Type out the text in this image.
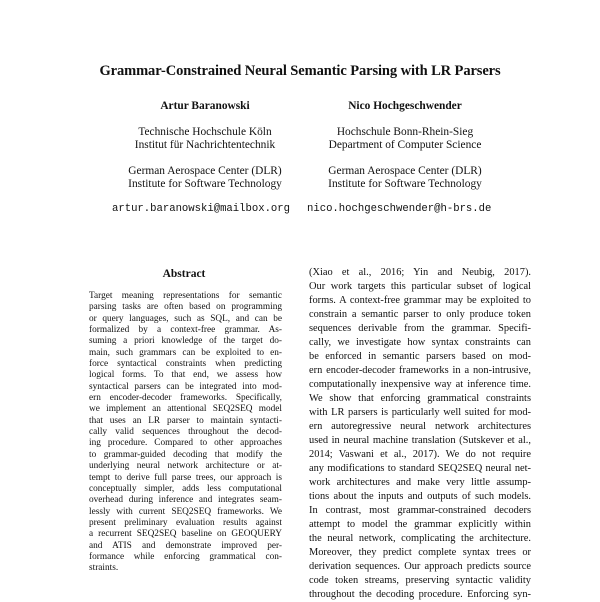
Grammar-Constrained Neural Semantic Parsing with LR Parsers
Artur Baranowski
Technische Hochschule Köln
Institut für Nachrichtentechnik
German Aerospace Center (DLR)
Institute for Software Technology
Nico Hochgeschwender
Hochschule Bonn-Rhein-Sieg
Department of Computer Science
German Aerospace Center (DLR)
Institute for Software Technology
artur.baranowski@mailbox.org nico.hochgeschwender@h-brs.de
Abstract
Target meaning representations for semantic
parsing tasks are often based on programming
or query languages, such as SQL, and can be
formalized by a context-free grammar. As-
suming a priori knowledge of the target do-
main, such grammars can be exploited to en-
force syntactical constraints when predicting
logical forms. To that end, we assess how
syntactical parsers can be integrated into mod-
ern encoder-decoder frameworks. Specifically,
we implement an attentional SEQ2SEQ model
that uses an LR parser to maintain syntacti-
cally valid sequences throughout the decod-
ing procedure. Compared to other approaches
to grammar-guided decoding that modify the
underlying neural network architecture or at-
tempt to derive full parse trees, our approach is
conceptually simpler, adds less computational
overhead during inference and integrates seam-
lessly with current SEQ2SEQ frameworks. We
present preliminary evaluation results against
a recurrent SEQ2SEQ baseline on GEOQUERY
and ATIS and demonstrate improved per-
formance while enforcing grammatical con-
straints.
(Xiao et al., 2016; Yin and Neubig, 2017).
Our work targets this particular subset of logical
forms. A context-free grammar may be exploited to
constrain a semantic parser to only produce token
sequences derivable from the grammar. Specifi-
cally, we investigate how syntax constraints can
be enforced in semantic parsers based on mod-
ern encoder-decoder frameworks in a non-intrusive,
computationally inexpensive way at inference time.
We show that enforcing grammatical constraints
with LR parsers is particularly well suited for mod-
ern autoregressive neural network architectures
used in neural machine translation (Sutskever et al.,
2014; Vaswani et al., 2017). We do not require
any modifications to standard SEQ2SEQ neural net-
work architectures and make very little assump-
tions about the inputs and outputs of such models.
In contrast, most grammar-constrained decoders
attempt to model the grammar explicitly within
the neural network, complicating the architecture.
Moreover, they predict complete syntax trees or
derivation sequences. Our approach predicts source
code token streams, preserving syntactic validity
throughout the decoding procedure. Enforcing syn-
